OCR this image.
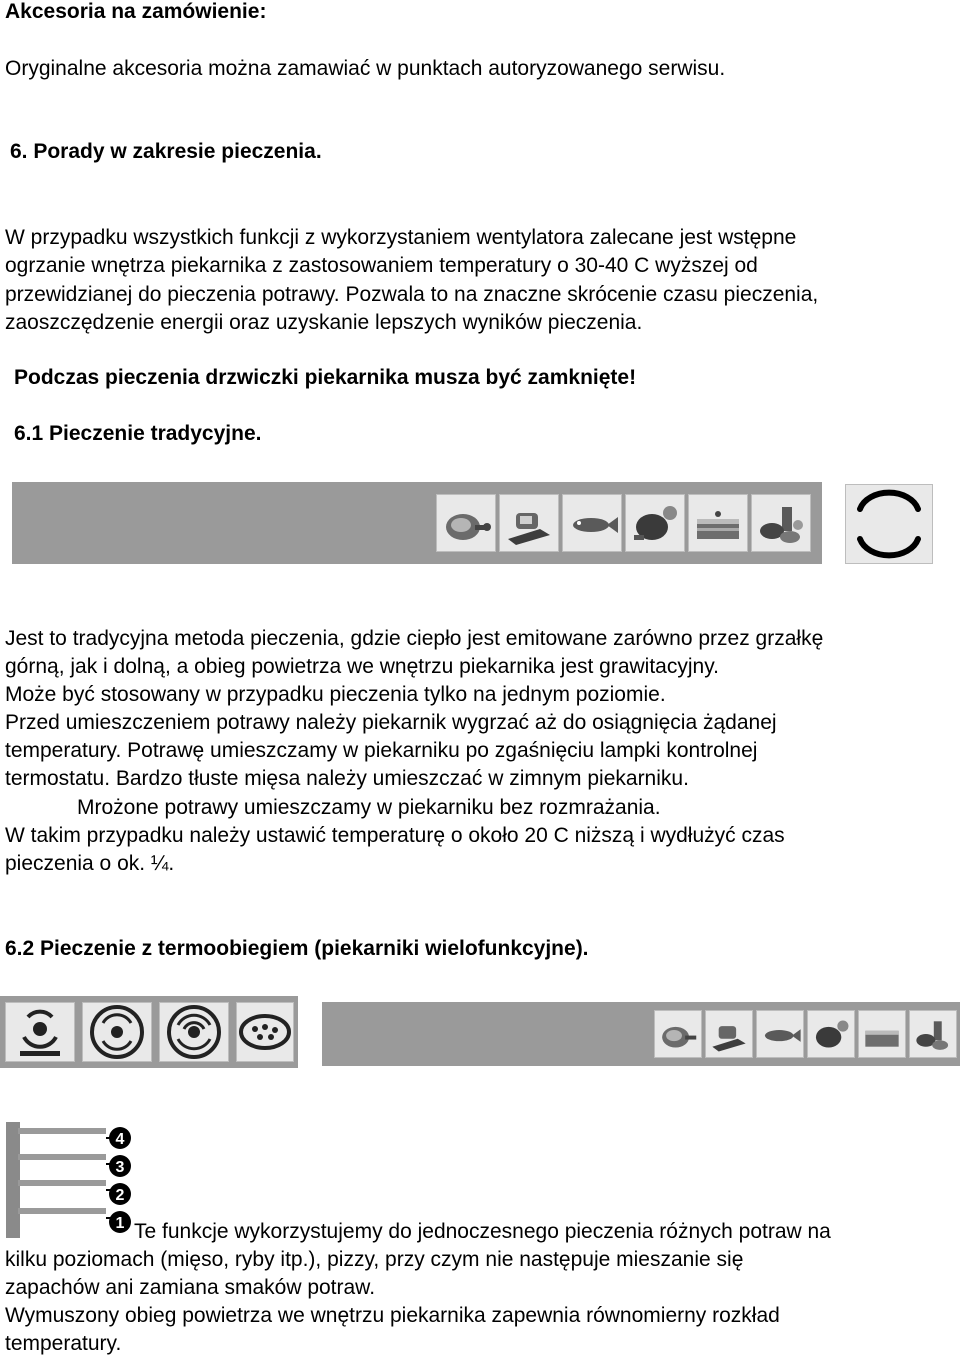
Akcesoria na zamówienie:
Oryginalne akcesoria można zamawiać w punktach autoryzowanego serwisu.
6. Porady w zakresie pieczenia.
W przypadku wszystkich funkcji z wykorzystaniem wentylatora zalecane jest wstępne
ogrzanie wnętrza piekarnika z zastosowaniem temperatury o 30-40 C wyższej od
przewidzianej do pieczenia potrawy. Pozwala to na znaczne skrócenie czasu pieczenia,
zaoszczędzenie energii oraz uzyskanie lepszych wyników pieczenia.
Podczas pieczenia drzwiczki piekarnika musza być zamknięte!
6.1 Pieczenie tradycyjne.
Jest to tradycyjna metoda pieczenia, gdzie ciepło jest emitowane zarówno przez grzałkę
górną, jak i dolną, a obieg powietrza we wnętrzu piekarnika jest grawitacyjny.
Może być stosowany w przypadku pieczenia tylko na jednym poziomie.
Przed umieszczeniem potrawy należy piekarnik wygrzać aż do osiągnięcia żądanej
temperatury. Potrawę umieszczamy w piekarniku po zgaśnięciu lampki kontrolnej
termostatu. Bardzo tłuste mięsa należy umieszczać w zimnym piekarniku.
Mrożone potrawy umieszczamy w piekarniku bez rozmrażania.
W takim przypadku należy ustawić temperaturę o około 20 C niższą i wydłużyć czas
pieczenia o ok. ¼.
6.2 Pieczenie z termoobiegiem (piekarniki wielofunkcyjne).
4
3
2
1 Te funkcje wykorzystujemy do jednoczesnego pieczenia różnych potraw na
kilku poziomach (mięso, ryby itp.), pizzy, przy czym nie następuje mieszanie się
zapachów ani zamiana smaków potraw.
Wymuszony obieg powietrza we wnętrzu piekarnika zapewnia równomierny rozkład
temperatury.
